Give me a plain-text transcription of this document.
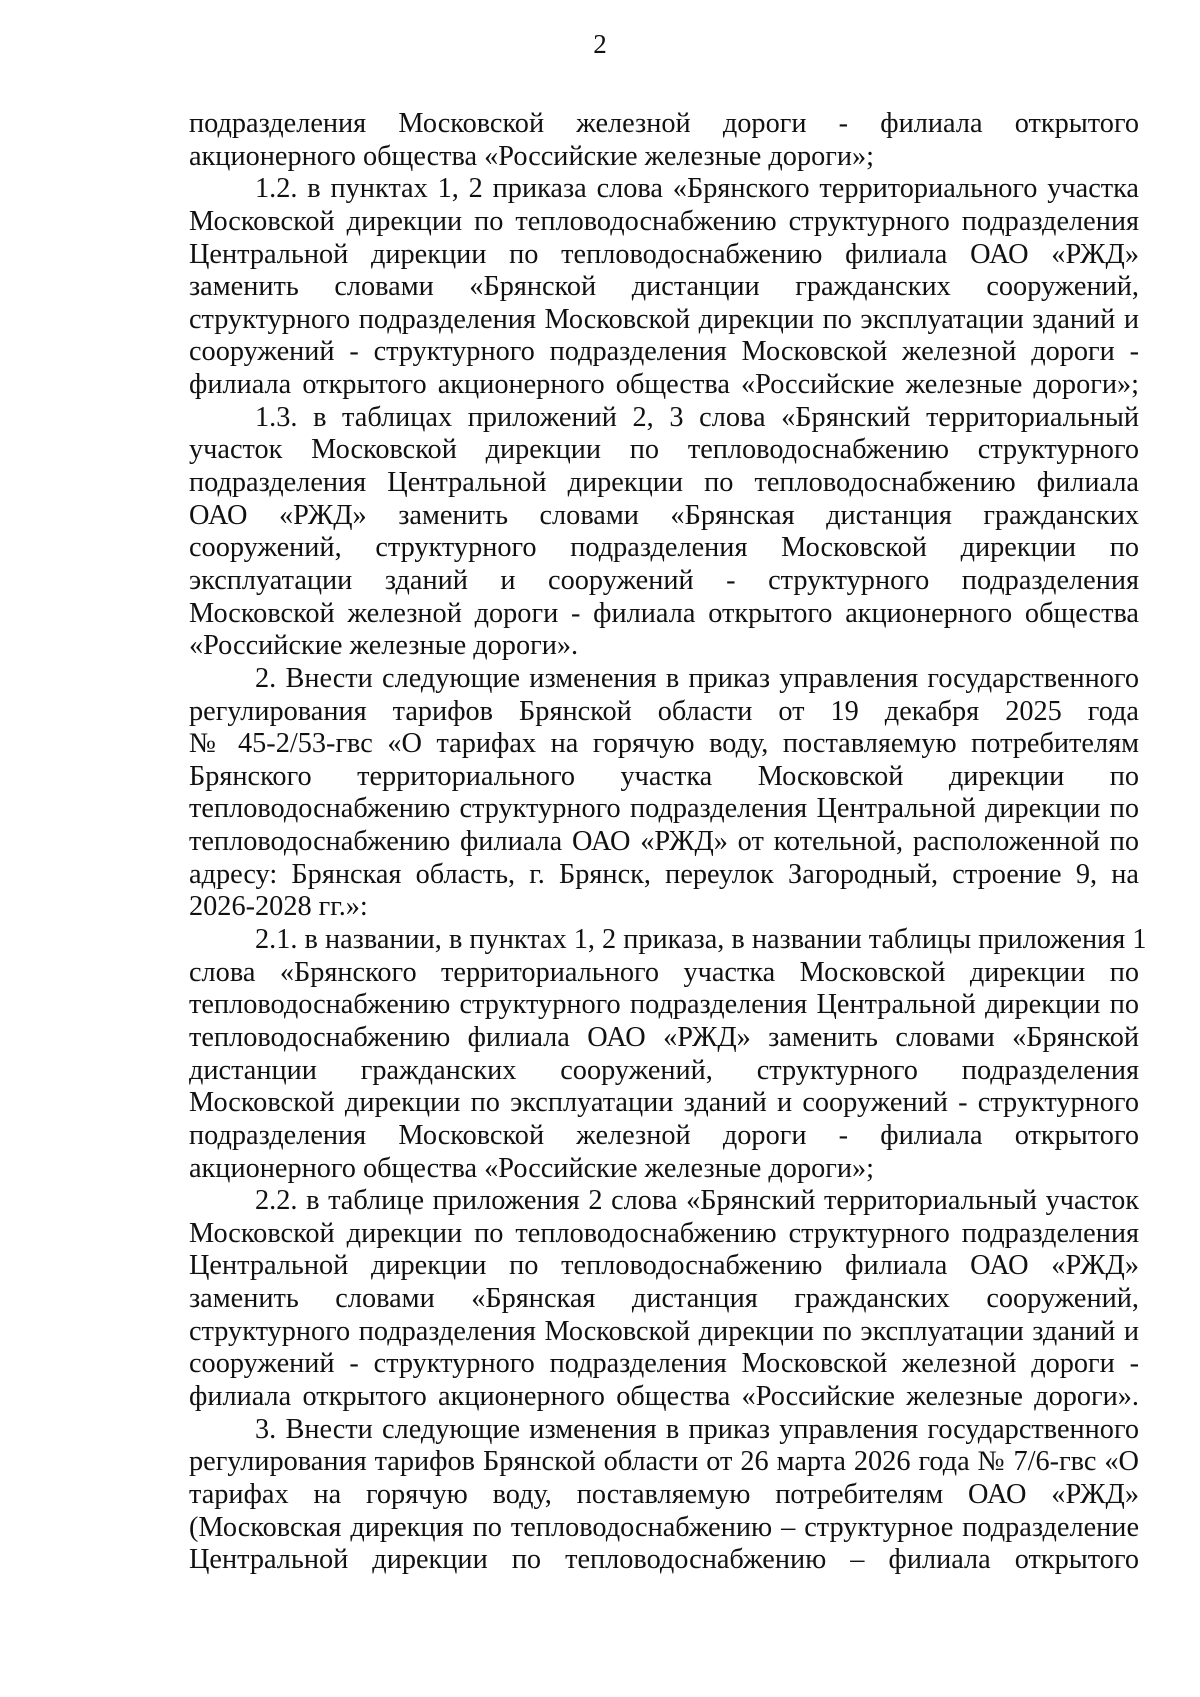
2
подразделения Московской железной дороги - филиала открытого
акционерного общества «Российские железные дороги»;
1.2. в пунктах 1, 2 приказа слова «Брянского территориального участка
Московской дирекции по тепловодоснабжению структурного подразделения
Центральной дирекции по тепловодоснабжению филиала ОАО «РЖД»
заменить словами «Брянской дистанции гражданских сооружений,
структурного подразделения Московской дирекции по эксплуатации зданий и
сооружений - структурного подразделения Московской железной дороги -
филиала открытого акционерного общества «Российские железные дороги»;
1.3. в таблицах приложений 2, 3 слова «Брянский территориальный
участок Московской дирекции по тепловодоснабжению структурного
подразделения Центральной дирекции по тепловодоснабжению филиала
ОАО «РЖД» заменить словами «Брянская дистанция гражданских
сооружений, структурного подразделения Московской дирекции по
эксплуатации зданий и сооружений - структурного подразделения
Московской железной дороги - филиала открытого акционерного общества
«Российские железные дороги».
2. Внести следующие изменения в приказ управления государственного
регулирования тарифов Брянской области от 19 декабря 2025 года
№ 45-2/53-гвс «О тарифах на горячую воду, поставляемую потребителям
Брянского территориального участка Московской дирекции по
тепловодоснабжению структурного подразделения Центральной дирекции по
тепловодоснабжению филиала ОАО «РЖД» от котельной, расположенной по
адресу: Брянская область, г. Брянск, переулок Загородный, строение 9, на
2026-2028 гг.»:
2.1. в названии, в пунктах 1, 2 приказа, в названии таблицы приложения 1
слова «Брянского территориального участка Московской дирекции по
тепловодоснабжению структурного подразделения Центральной дирекции по
тепловодоснабжению филиала ОАО «РЖД» заменить словами «Брянской
дистанции гражданских сооружений, структурного подразделения
Московской дирекции по эксплуатации зданий и сооружений - структурного
подразделения Московской железной дороги - филиала открытого
акционерного общества «Российские железные дороги»;
2.2. в таблице приложения 2 слова «Брянский территориальный участок
Московской дирекции по тепловодоснабжению структурного подразделения
Центральной дирекции по тепловодоснабжению филиала ОАО «РЖД»
заменить словами «Брянская дистанция гражданских сооружений,
структурного подразделения Московской дирекции по эксплуатации зданий и
сооружений - структурного подразделения Московской железной дороги -
филиала открытого акционерного общества «Российские железные дороги».
3. Внести следующие изменения в приказ управления государственного
регулирования тарифов Брянской области от 26 марта 2026 года № 7/6-гвс «О
тарифах на горячую воду, поставляемую потребителям ОАО «РЖД»
(Московская дирекция по тепловодоснабжению – структурное подразделение
Центральной дирекции по тепловодоснабжению – филиала открытого
